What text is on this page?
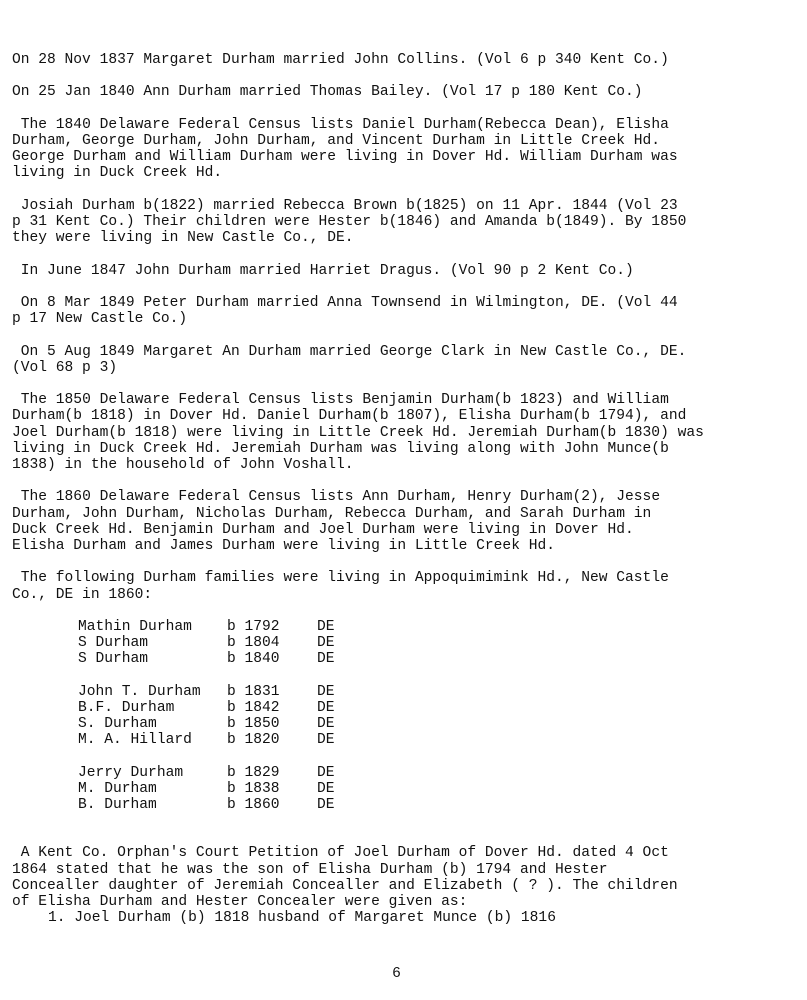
On 28 Nov 1837 Margaret Durham married John Collins. (Vol 6 p 340 Kent Co.)

On 25 Jan 1840 Ann Durham married Thomas Bailey. (Vol 17 p 180 Kent Co.)

The 1840 Delaware Federal Census lists Daniel Durham(Rebecca Dean), Elisha
Durham, George Durham, John Durham, and Vincent Durham in Little Creek Hd.
George Durham and William Durham were living in Dover Hd. William Durham was
living in Duck Creek Hd.

Josiah Durham b(1822) married Rebecca Brown b(1825) on 11 Apr. 1844 (Vol 23
p 31 Kent Co.) Their children were Hester b(1846) and Amanda b(1849). By 1850
they were living in New Castle Co., DE.

In June 1847 John Durham married Harriet Dragus. (Vol 90 p 2 Kent Co.)

On 8 Mar 1849 Peter Durham married Anna Townsend in Wilmington, DE. (Vol 44
p 17 New Castle Co.)

On 5 Aug 1849 Margaret An Durham married George Clark in New Castle Co., DE.
(Vol 68 p 3)

The 1850 Delaware Federal Census lists Benjamin Durham(b 1823) and William
Durham(b 1818) in Dover Hd. Daniel Durham(b 1807), Elisha Durham(b 1794), and
Joel Durham(b 1818) were living in Little Creek Hd. Jeremiah Durham(b 1830) was
living in Duck Creek Hd. Jeremiah Durham was living along with John Munce(b
1838) in the household of John Voshall.

The 1860 Delaware Federal Census lists Ann Durham, Henry Durham(2), Jesse
Durham, John Durham, Nicholas Durham, Rebecca Durham, and Sarah Durham in
Duck Creek Hd. Benjamin Durham and Joel Durham were living in Dover Hd.
Elisha Durham and James Durham were living in Little Creek Hd.

The following Durham families were living in Appoquimimink Hd., New Castle
Co., DE in 1860:

Mathin Durham	b 1792	DE
S Durham	b 1804	DE
S Durham	b 1840	DE
John T. Durham	b 1831	DE
B.F. Durham	b 1842	DE
S. Durham	b 1850	DE
M. A. Hillard	b 1820	DE
Jerry Durham	b 1829	DE
M. Durham	b 1838	DE
B. Durham	b 1860	DE

A Kent Co. Orphan's Court Petition of Joel Durham of Dover Hd. dated 4 Oct
1864 stated that he was the son of Elisha Durham (b) 1794 and Hester
Concealler daughter of Jeremiah Concealler and Elizabeth ( ? ). The children
of Elisha Durham and Hester Concealer were given as:

1. Joel Durham (b) 1818 husband of Margaret Munce (b) 1816
6
